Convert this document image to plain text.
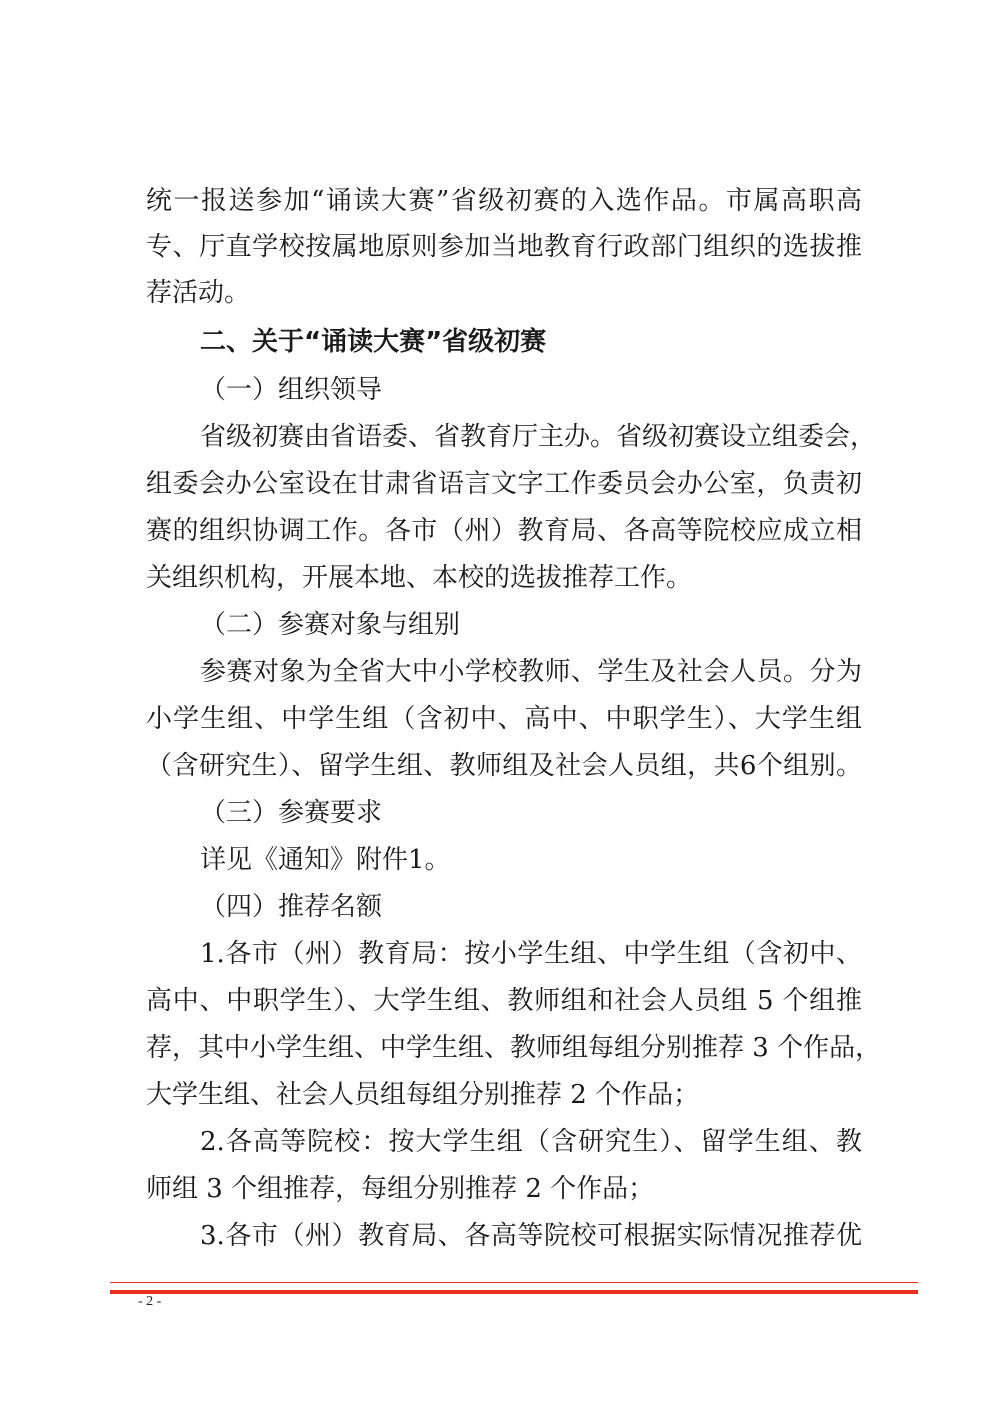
统一报送参加“诵读大赛”省级初赛的入选作品。市属高职高
专、厅直学校按属地原则参加当地教育行政部门组织的选拔推
荐活动。
二、关于“诵读大赛”省级初赛
（一）组织领导
省级初赛由省语委、省教育厅主办。省级初赛设立组委会，
组委会办公室设在甘肃省语言文字工作委员会办公室，负责初
赛的组织协调工作。各市（州）教育局、各高等院校应成立相
关组织机构，开展本地、本校的选拔推荐工作。
（二）参赛对象与组别
参赛对象为全省大中小学校教师、学生及社会人员。分为
小学生组、中学生组（含初中、高中、中职学生）、大学生组
（含研究生）、留学生组、教师组及社会人员组，共6个组别。
（三）参赛要求
详见《通知》附件1。
（四）推荐名额
1.各市（州）教育局：按小学生组、中学生组（含初中、
高中、中职学生）、大学生组、教师组和社会人员组 5 个组推
荐，其中小学生组、中学生组、教师组每组分别推荐 3 个作品，
大学生组、社会人员组每组分别推荐 2 个作品；
2.各高等院校：按大学生组（含研究生）、留学生组、教
师组 3 个组推荐，每组分别推荐 2 个作品；
3.各市（州）教育局、各高等院校可根据实际情况推荐优
- 2 -
